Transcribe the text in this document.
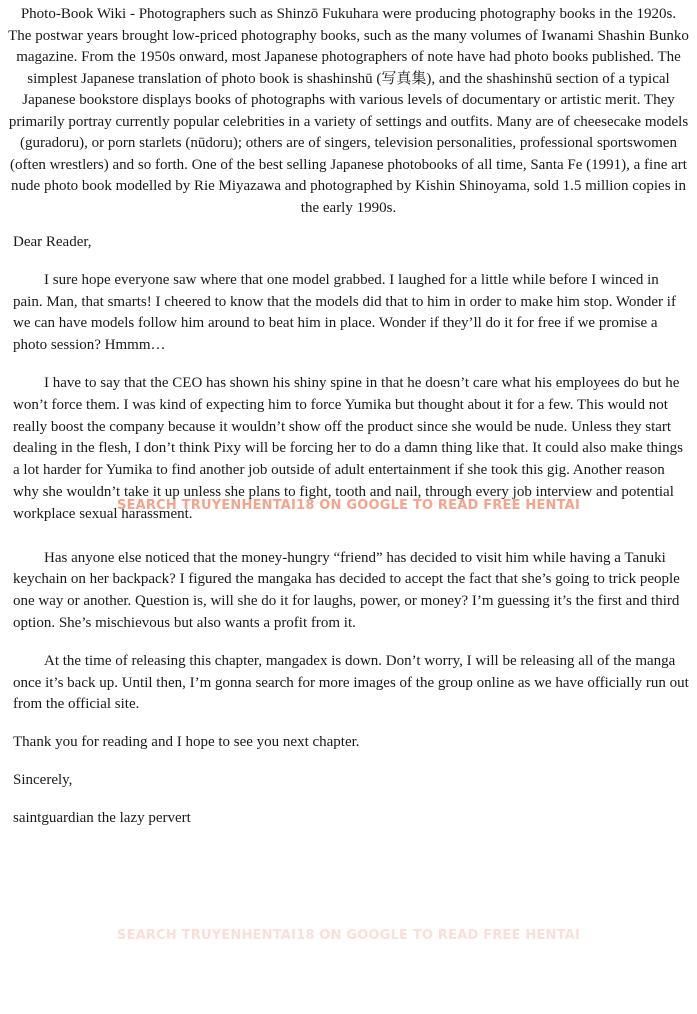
Photo-Book Wiki - Photographers such as Shinzō Fukuhara were producing photography books in the 1920s. The postwar years brought low-priced photography books, such as the many volumes of Iwanami Shashin Bunko magazine. From the 1950s onward, most Japanese photographers of note have had photo books published. The simplest Japanese translation of photo book is shashinshū (写真集), and the shashinshū section of a typical Japanese bookstore displays books of photographs with various levels of documentary or artistic merit. They primarily portray currently popular celebrities in a variety of settings and outfits. Many are of cheesecake models (guradoru), or porn starlets (nūdoru); others are of singers, television personalities, professional sportswomen (often wrestlers) and so forth. One of the best selling Japanese photobooks of all time, Santa Fe (1991), a fine art nude photo book modelled by Rie Miyazawa and photographed by Kishin Shinoyama, sold 1.5 million copies in the early 1990s.

Dear Reader,

I sure hope everyone saw where that one model grabbed. I laughed for a little while before I winced in pain. Man, that smarts! I cheered to know that the models did that to him in order to make him stop. Wonder if we can have models follow him around to beat him in place. Wonder if they’ll do it for free if we promise a photo session? Hmmm…

I have to say that the CEO has shown his shiny spine in that he doesn’t care what his employees do but he won’t force them. I was kind of expecting him to force Yumika but thought about it for a few. This would not really boost the company because it wouldn’t show off the product since she would be nude. Unless they start dealing in the flesh, I don’t think Pixy will be forcing her to do a damn thing like that. It could also make things a lot harder for Yumika to find another job outside of adult entertainment if she took this gig. Another reason why she wouldn’t take it up unless she plans to fight, tooth and nail, through every job interview and potential workplace sexual harassment.

Has anyone else noticed that the money-hungry “friend” has decided to visit him while having a Tanuki keychain on her backpack? I figured the mangaka has decided to accept the fact that she’s going to trick people one way or another. Question is, will she do it for laughs, power, or money? I’m guessing it’s the first and third option. She’s mischievous but also wants a profit from it.

At the time of releasing this chapter, mangadex is down. Don’t worry, I will be releasing all of the manga once it’s back up. Until then, I’m gonna search for more images of the group online as we have officially run out from the official site.

Thank you for reading and I hope to see you next chapter.

Sincerely,

saintguardian the lazy pervert

SEARCH TRUYENHENTAI18 ON GOOGLE TO READ FREE HENTAI
SEARCH TRUYENHENTAI18 ON GOOGLE TO READ FREE HENTAI
